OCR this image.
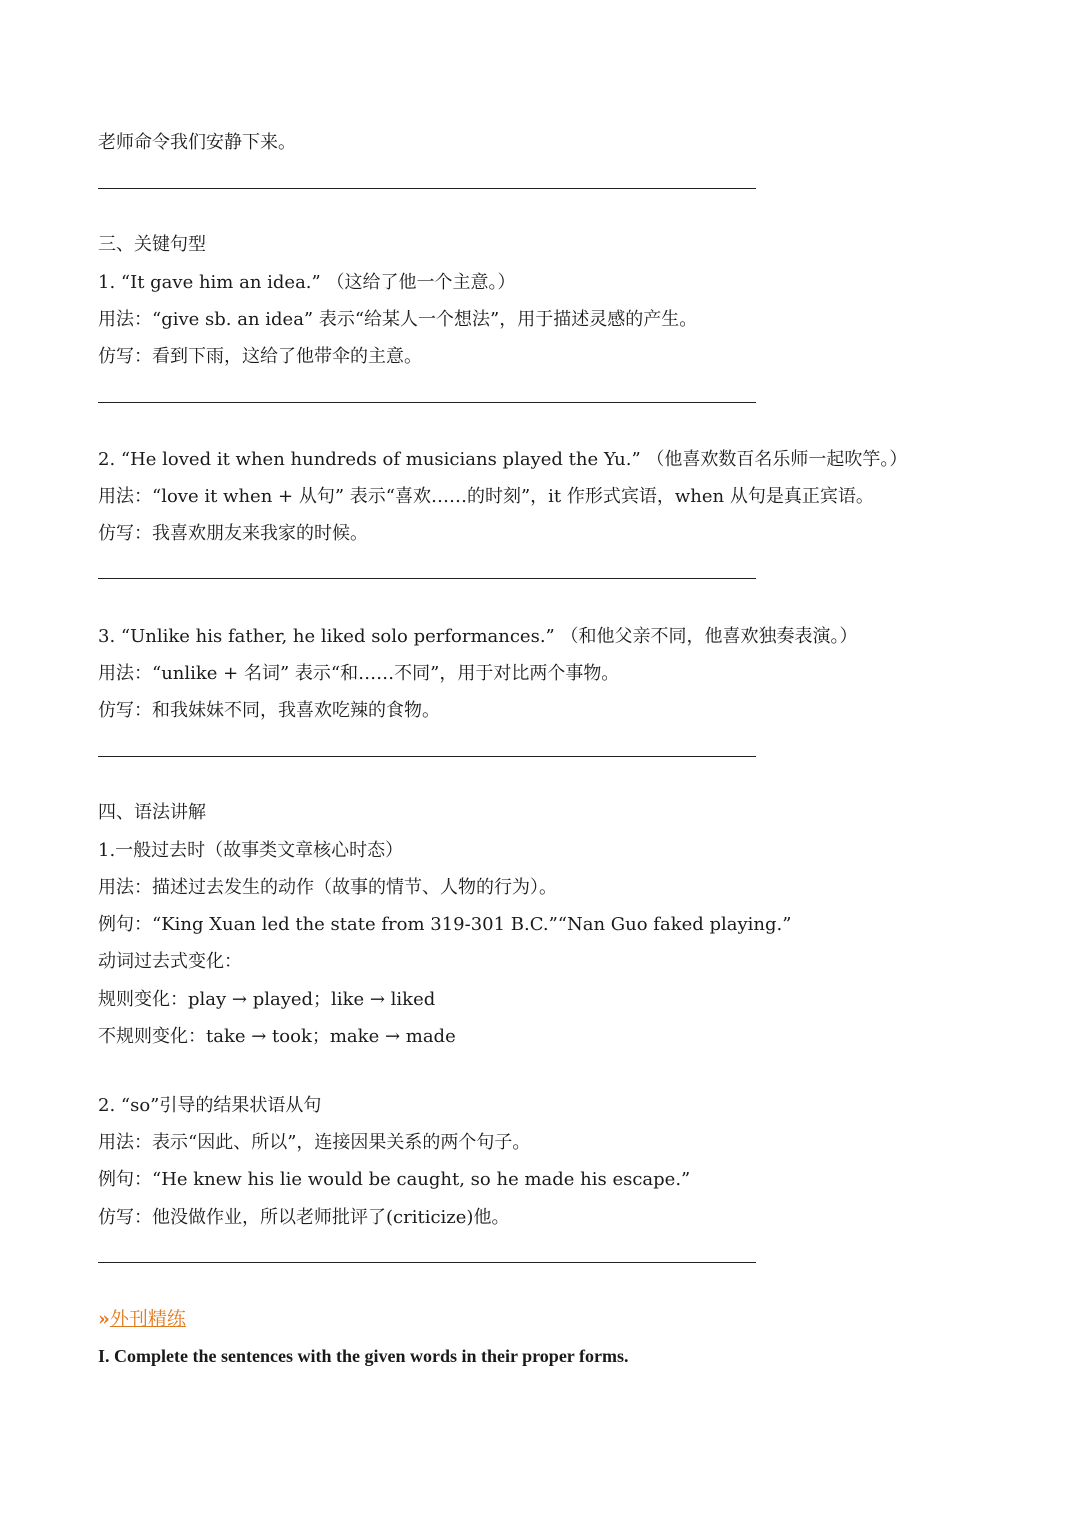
老师命令我们安静下来。
三、关键句型
1. “It gave him an idea.” （这给了他一个主意。）
用法：“give sb. an idea” 表示“给某人一个想法”，用于描述灵感的产生。
仿写：看到下雨，这给了他带伞的主意。
2. “He loved it when hundreds of musicians played the Yu.” （他喜欢数百名乐师一起吹竽。）
用法：“love it when + 从句” 表示“喜欢……的时刻”，it 作形式宾语，when 从句是真正宾语。
仿写：我喜欢朋友来我家的时候。
3. “Unlike his father, he liked solo performances.” （和他父亲不同，他喜欢独奏表演。）
用法：“unlike + 名词” 表示“和……不同”，用于对比两个事物。
仿写：和我妹妹不同，我喜欢吃辣的食物。
四、语法讲解
1.一般过去时（故事类文章核心时态）
用法：描述过去发生的动作（故事的情节、人物的行为）。
例句：“King Xuan led the state from 319-301 B.C.”“Nan Guo faked playing.”
动词过去式变化：
规则变化：play → played；like → liked
不规则变化：take → took；make → made
2. “so”引导的结果状语从句
用法：表示“因此、所以”，连接因果关系的两个句子。
例句：“He knew his lie would be caught, so he made his escape.”
仿写：他没做作业，所以老师批评了(criticize)他。
» 外刊精练
I. Complete the sentences with the given words in their proper forms.
